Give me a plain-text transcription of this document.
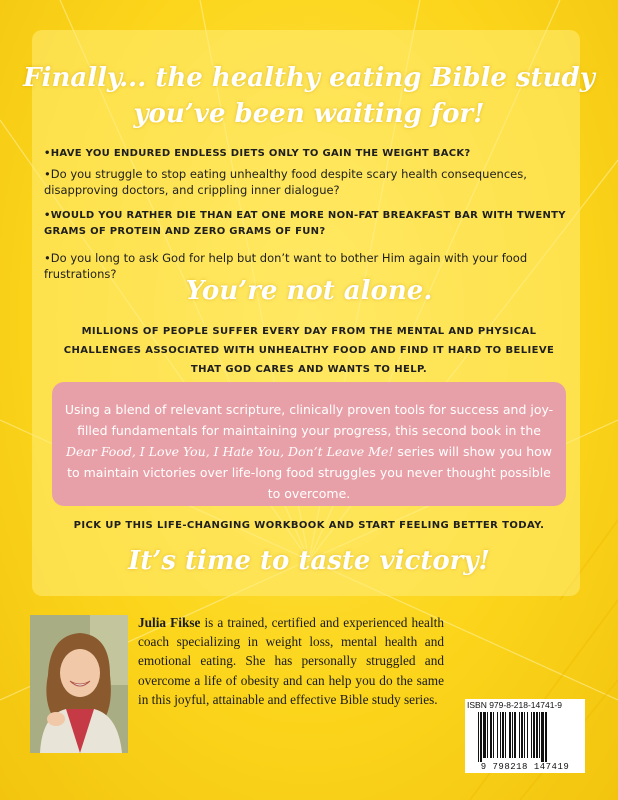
Finally... the healthy eating Bible study
you’ve been waiting for!
•HAVE YOU ENDURED ENDLESS DIETS ONLY TO GAIN THE WEIGHT BACK?
•Do you struggle to stop eating unhealthy food despite scary health consequences, disapproving doctors, and crippling inner dialogue?
•WOULD YOU RATHER DIE THAN EAT ONE MORE NON-FAT BREAKFAST BAR WITH TWENTY GRAMS OF PROTEIN AND ZERO GRAMS OF FUN?
•Do you long to ask God for help but don’t want to bother Him again with your food frustrations?
You’re not alone.
MILLIONS OF PEOPLE SUFFER EVERY DAY FROM THE MENTAL AND PHYSICAL CHALLENGES ASSOCIATED WITH UNHEALTHY FOOD AND FIND IT HARD TO BELIEVE THAT GOD CARES AND WANTS TO HELP.
Using a blend of relevant scripture, clinically proven tools for success and joy-filled fundamentals for maintaining your progress, this second book in the Dear Food, I Love You, I Hate You, Don’t Leave Me! series will show you how to maintain victories over life-long food struggles you never thought possible to overcome.
PICK UP THIS LIFE-CHANGING WORKBOOK AND START FEELING BETTER TODAY.
It’s time to taste victory!
Julia Fikse is a trained, certified and experienced health coach specializing in weight loss, mental health and emotional eating. She has personally struggled and overcome a life of obesity and can help you do the same in this joyful, attainable and effective Bible study series.	ISBN 979-8-218-14741-9
9 798218 147419
